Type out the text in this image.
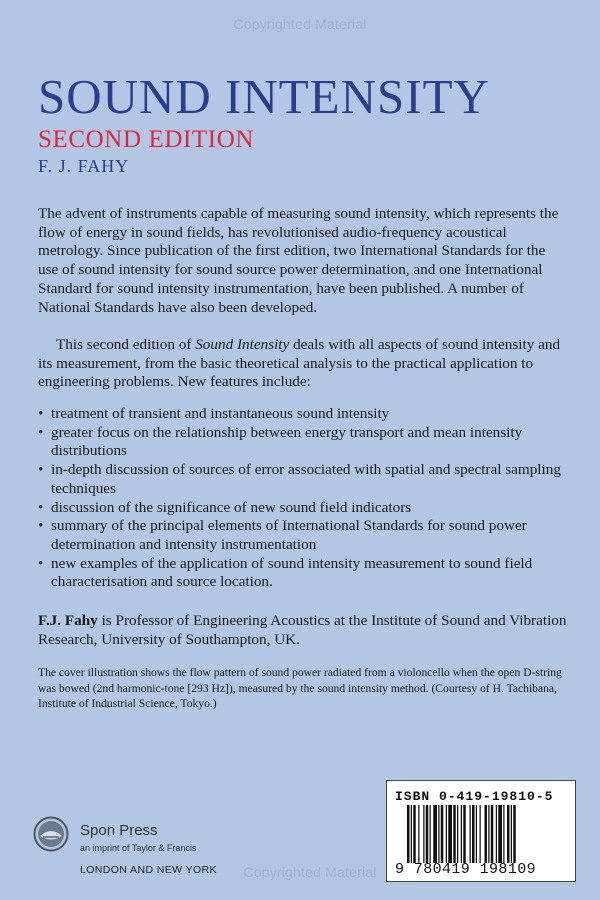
Copyrighted Material
SOUND INTENSITY
SECOND EDITION
F. J. FAHY
The advent of instruments capable of measuring sound intensity, which represents the flow of energy in sound fields, has revolutionised audio-frequency acoustical metrology. Since publication of the first edition, two International Standards for the use of sound intensity for sound source power determination, and one International Standard for sound intensity instrumentation, have been published. A number of National Standards have also been developed.
This second edition of Sound Intensity deals with all aspects of sound intensity and its measurement, from the basic theoretical analysis to the practical application to engineering problems. New features include:
• treatment of transient and instantaneous sound intensity
• greater focus on the relationship between energy transport and mean intensity distributions
• in-depth discussion of sources of error associated with spatial and spectral sampling techniques
• discussion of the significance of new sound field indicators
• summary of the principal elements of International Standards for sound power determination and intensity instrumentation
• new examples of the application of sound intensity measurement to sound field characterisation and source location.
F.J. Fahy is Professor of Engineering Acoustics at the Institute of Sound and Vibration Research, University of Southampton, UK.
The cover illustration shows the flow pattern of sound power radiated from a violoncello when the open D-string was bowed (2nd harmonic-tone [293 Hz]), measured by the sound intensity method. (Courtesy of H. Tachibana, Institute of Industrial Science, Tokyo.)
ISBN 0-419-19810-5
9 780419 198109
Spon Press
an imprint of Taylor & Francis
LONDON AND NEW YORK	Copyrighted Material
